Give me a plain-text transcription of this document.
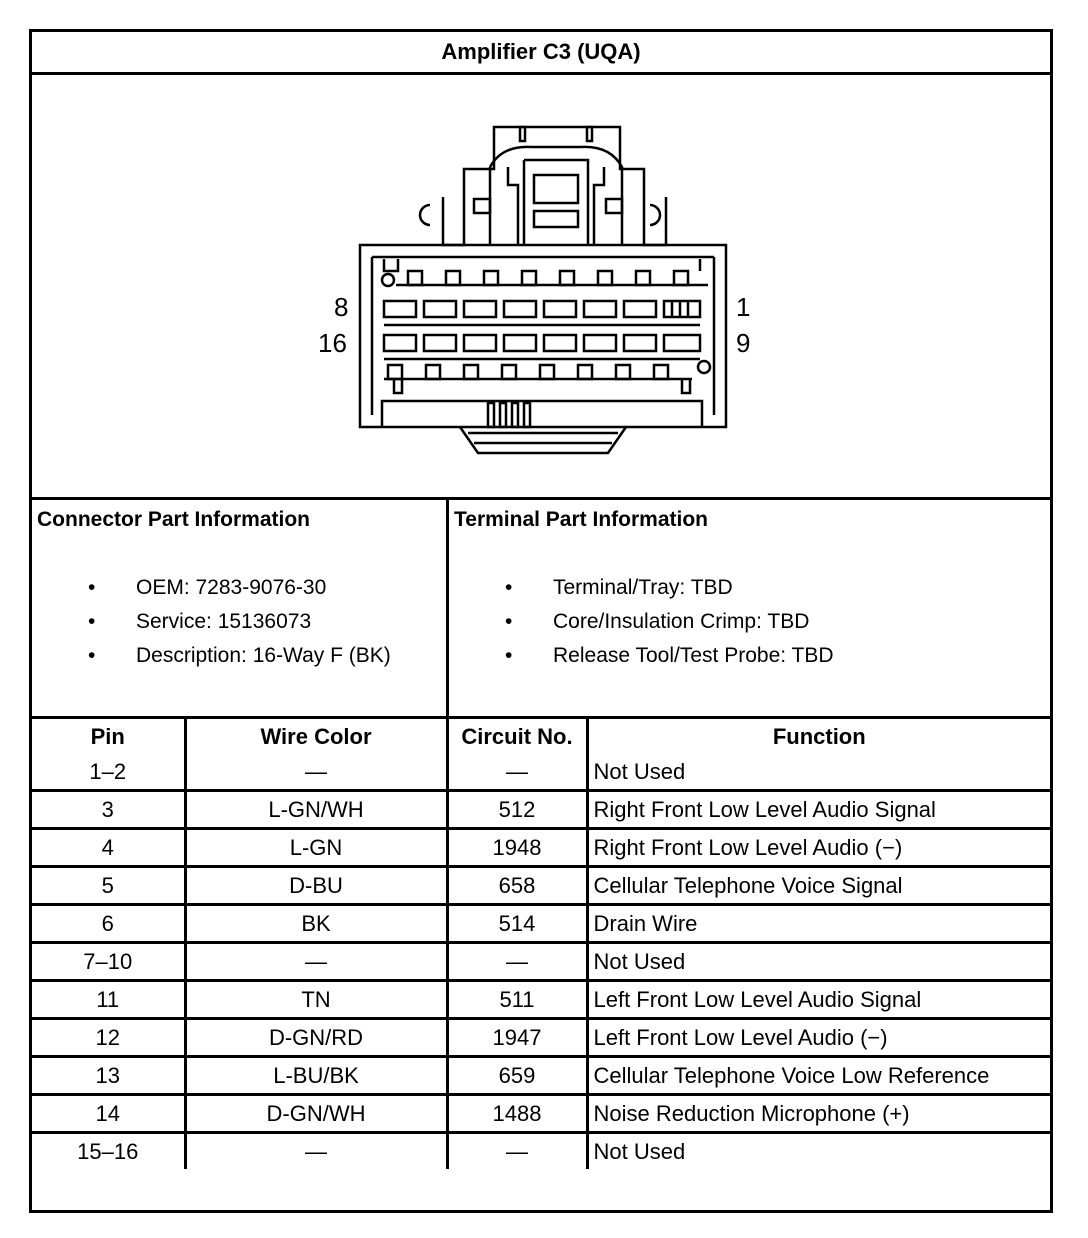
Amplifier C3 (UQA)
8	1
16	9
Connector Part Information
• OEM: 7283-9076-30
• Service: 15136073
• Description: 16-Way F (BK)
Terminal Part Information
• Terminal/Tray: TBD
• Core/Insulation Crimp: TBD
• Release Tool/Test Probe: TBD
Pin	Wire Color	Circuit No.	Function
1–2	—	—	Not Used
3	L-GN/WH	512	Right Front Low Level Audio Signal
4	L-GN	1948	Right Front Low Level Audio (−)
5	D-BU	658	Cellular Telephone Voice Signal
6	BK	514	Drain Wire
7–10	—	—	Not Used
11	TN	511	Left Front Low Level Audio Signal
12	D-GN/RD	1947	Left Front Low Level Audio (−)
13	L-BU/BK	659	Cellular Telephone Voice Low Reference
14	D-GN/WH	1488	Noise Reduction Microphone (+)
15–16	—	—	Not Used
